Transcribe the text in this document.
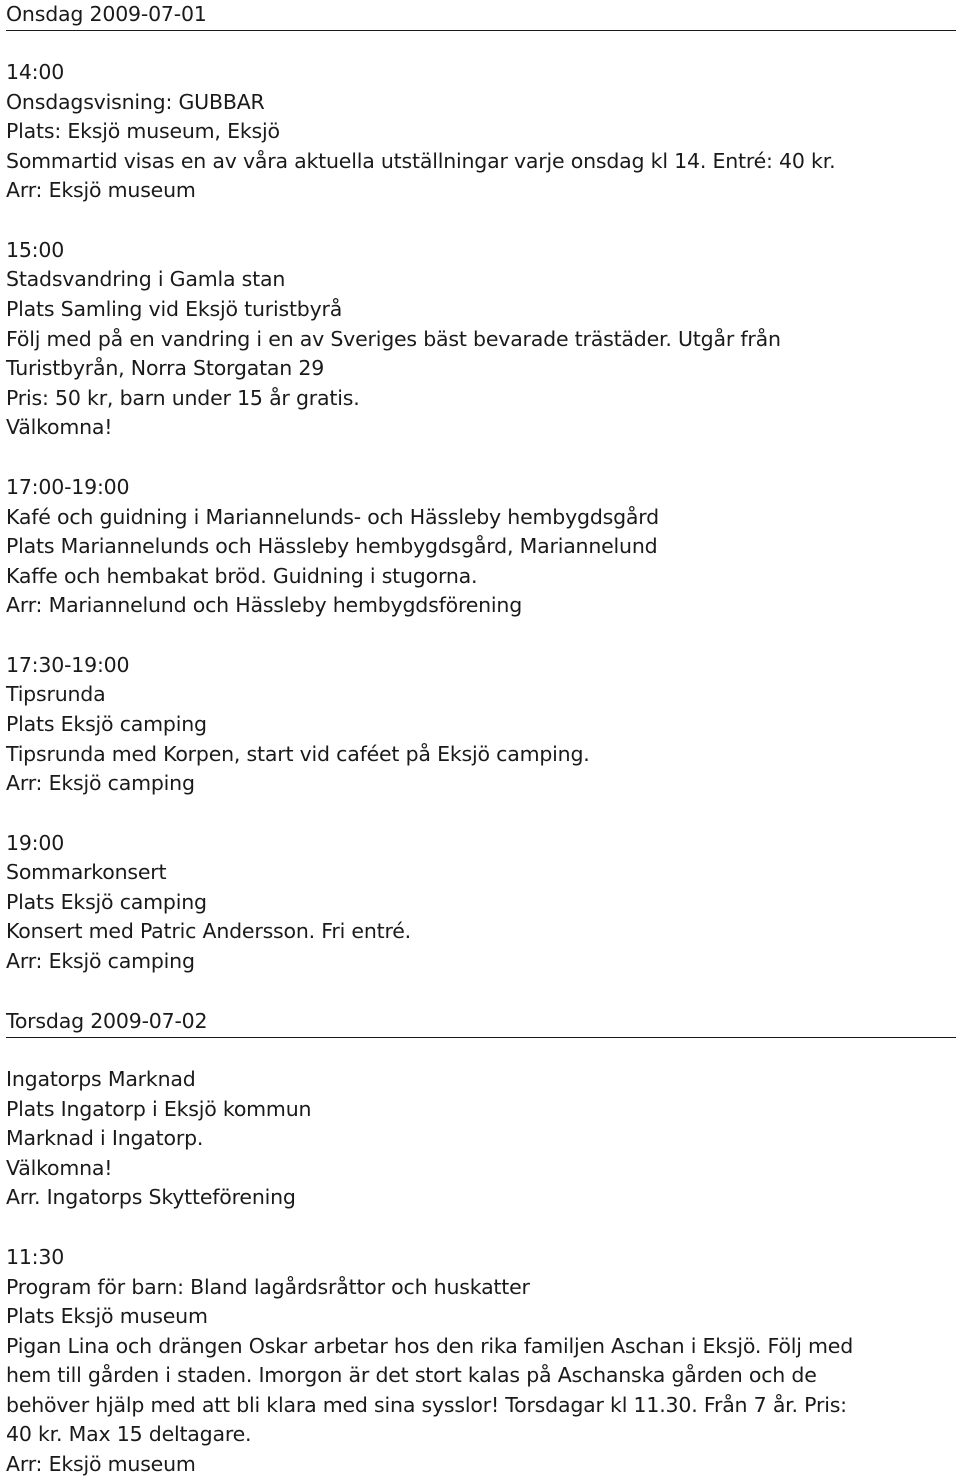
Onsdag 2009-07-01
14:00
Onsdagsvisning: GUBBAR
Plats: Eksjö museum, Eksjö
Sommartid visas en av våra aktuella utställningar varje onsdag kl 14. Entré: 40 kr.
Arr: Eksjö museum
15:00
Stadsvandring i Gamla stan
Plats Samling vid Eksjö turistbyrå
Följ med på en vandring i en av Sveriges bäst bevarade trästäder. Utgår från
Turistbyrån, Norra Storgatan 29
Pris: 50 kr, barn under 15 år gratis.
Välkomna!
17:00-19:00
Kafé och guidning i Mariannelunds- och Hässleby hembygdsgård
Plats Mariannelunds och Hässleby hembygdsgård, Mariannelund
Kaffe och hembakat bröd. Guidning i stugorna.
Arr: Mariannelund och Hässleby hembygdsförening
17:30-19:00
Tipsrunda
Plats Eksjö camping
Tipsrunda med Korpen, start vid caféet på Eksjö camping.
Arr: Eksjö camping
19:00
Sommarkonsert
Plats Eksjö camping
Konsert med Patric Andersson. Fri entré.
Arr: Eksjö camping
Torsdag 2009-07-02
Ingatorps Marknad
Plats Ingatorp i Eksjö kommun
Marknad i Ingatorp.
Välkomna!
Arr. Ingatorps Skytteförening
11:30
Program för barn: Bland lagårdsråttor och huskatter
Plats Eksjö museum
Pigan Lina och drängen Oskar arbetar hos den rika familjen Aschan i Eksjö. Följ med
hem till gården i staden. Imorgon är det stort kalas på Aschanska gården och de
behöver hjälp med att bli klara med sina sysslor! Torsdagar kl 11.30. Från 7 år. Pris:
40 kr. Max 15 deltagare.
Arr: Eksjö museum
